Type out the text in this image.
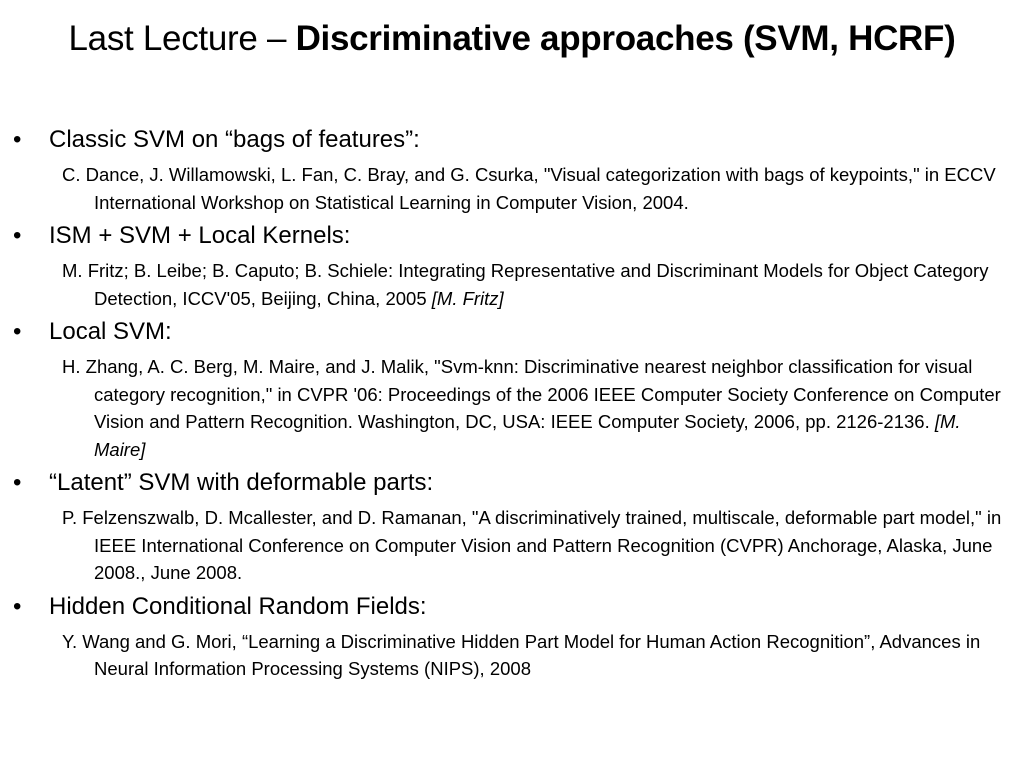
Last Lecture – Discriminative approaches (SVM, HCRF)
• Classic SVM on “bags of features”:
C. Dance, J. Willamowski, L. Fan, C. Bray, and G. Csurka, "Visual categorization with bags of keypoints," in ECCV International Workshop on Statistical Learning in Computer Vision, 2004.
• ISM + SVM + Local Kernels:
M. Fritz; B. Leibe; B. Caputo; B. Schiele: Integrating Representative and Discriminant Models for Object Category Detection, ICCV'05, Beijing, China, 2005 [M. Fritz]
• Local SVM:
H. Zhang, A. C. Berg, M. Maire, and J. Malik, "Svm-knn: Discriminative nearest neighbor classification for visual category recognition," in CVPR '06: Proceedings of the 2006 IEEE Computer Society Conference on Computer Vision and Pattern Recognition. Washington, DC, USA: IEEE Computer Society, 2006, pp. 2126-2136. [M. Maire]
• “Latent” SVM with deformable parts:
P. Felzenszwalb, D. Mcallester, and D. Ramanan, "A discriminatively trained, multiscale, deformable part model," in IEEE International Conference on Computer Vision and Pattern Recognition (CVPR) Anchorage, Alaska, June 2008., June 2008.
• Hidden Conditional Random Fields:
Y. Wang and G. Mori, “Learning a Discriminative Hidden Part Model for Human Action Recognition”, Advances in Neural Information Processing Systems (NIPS), 2008
